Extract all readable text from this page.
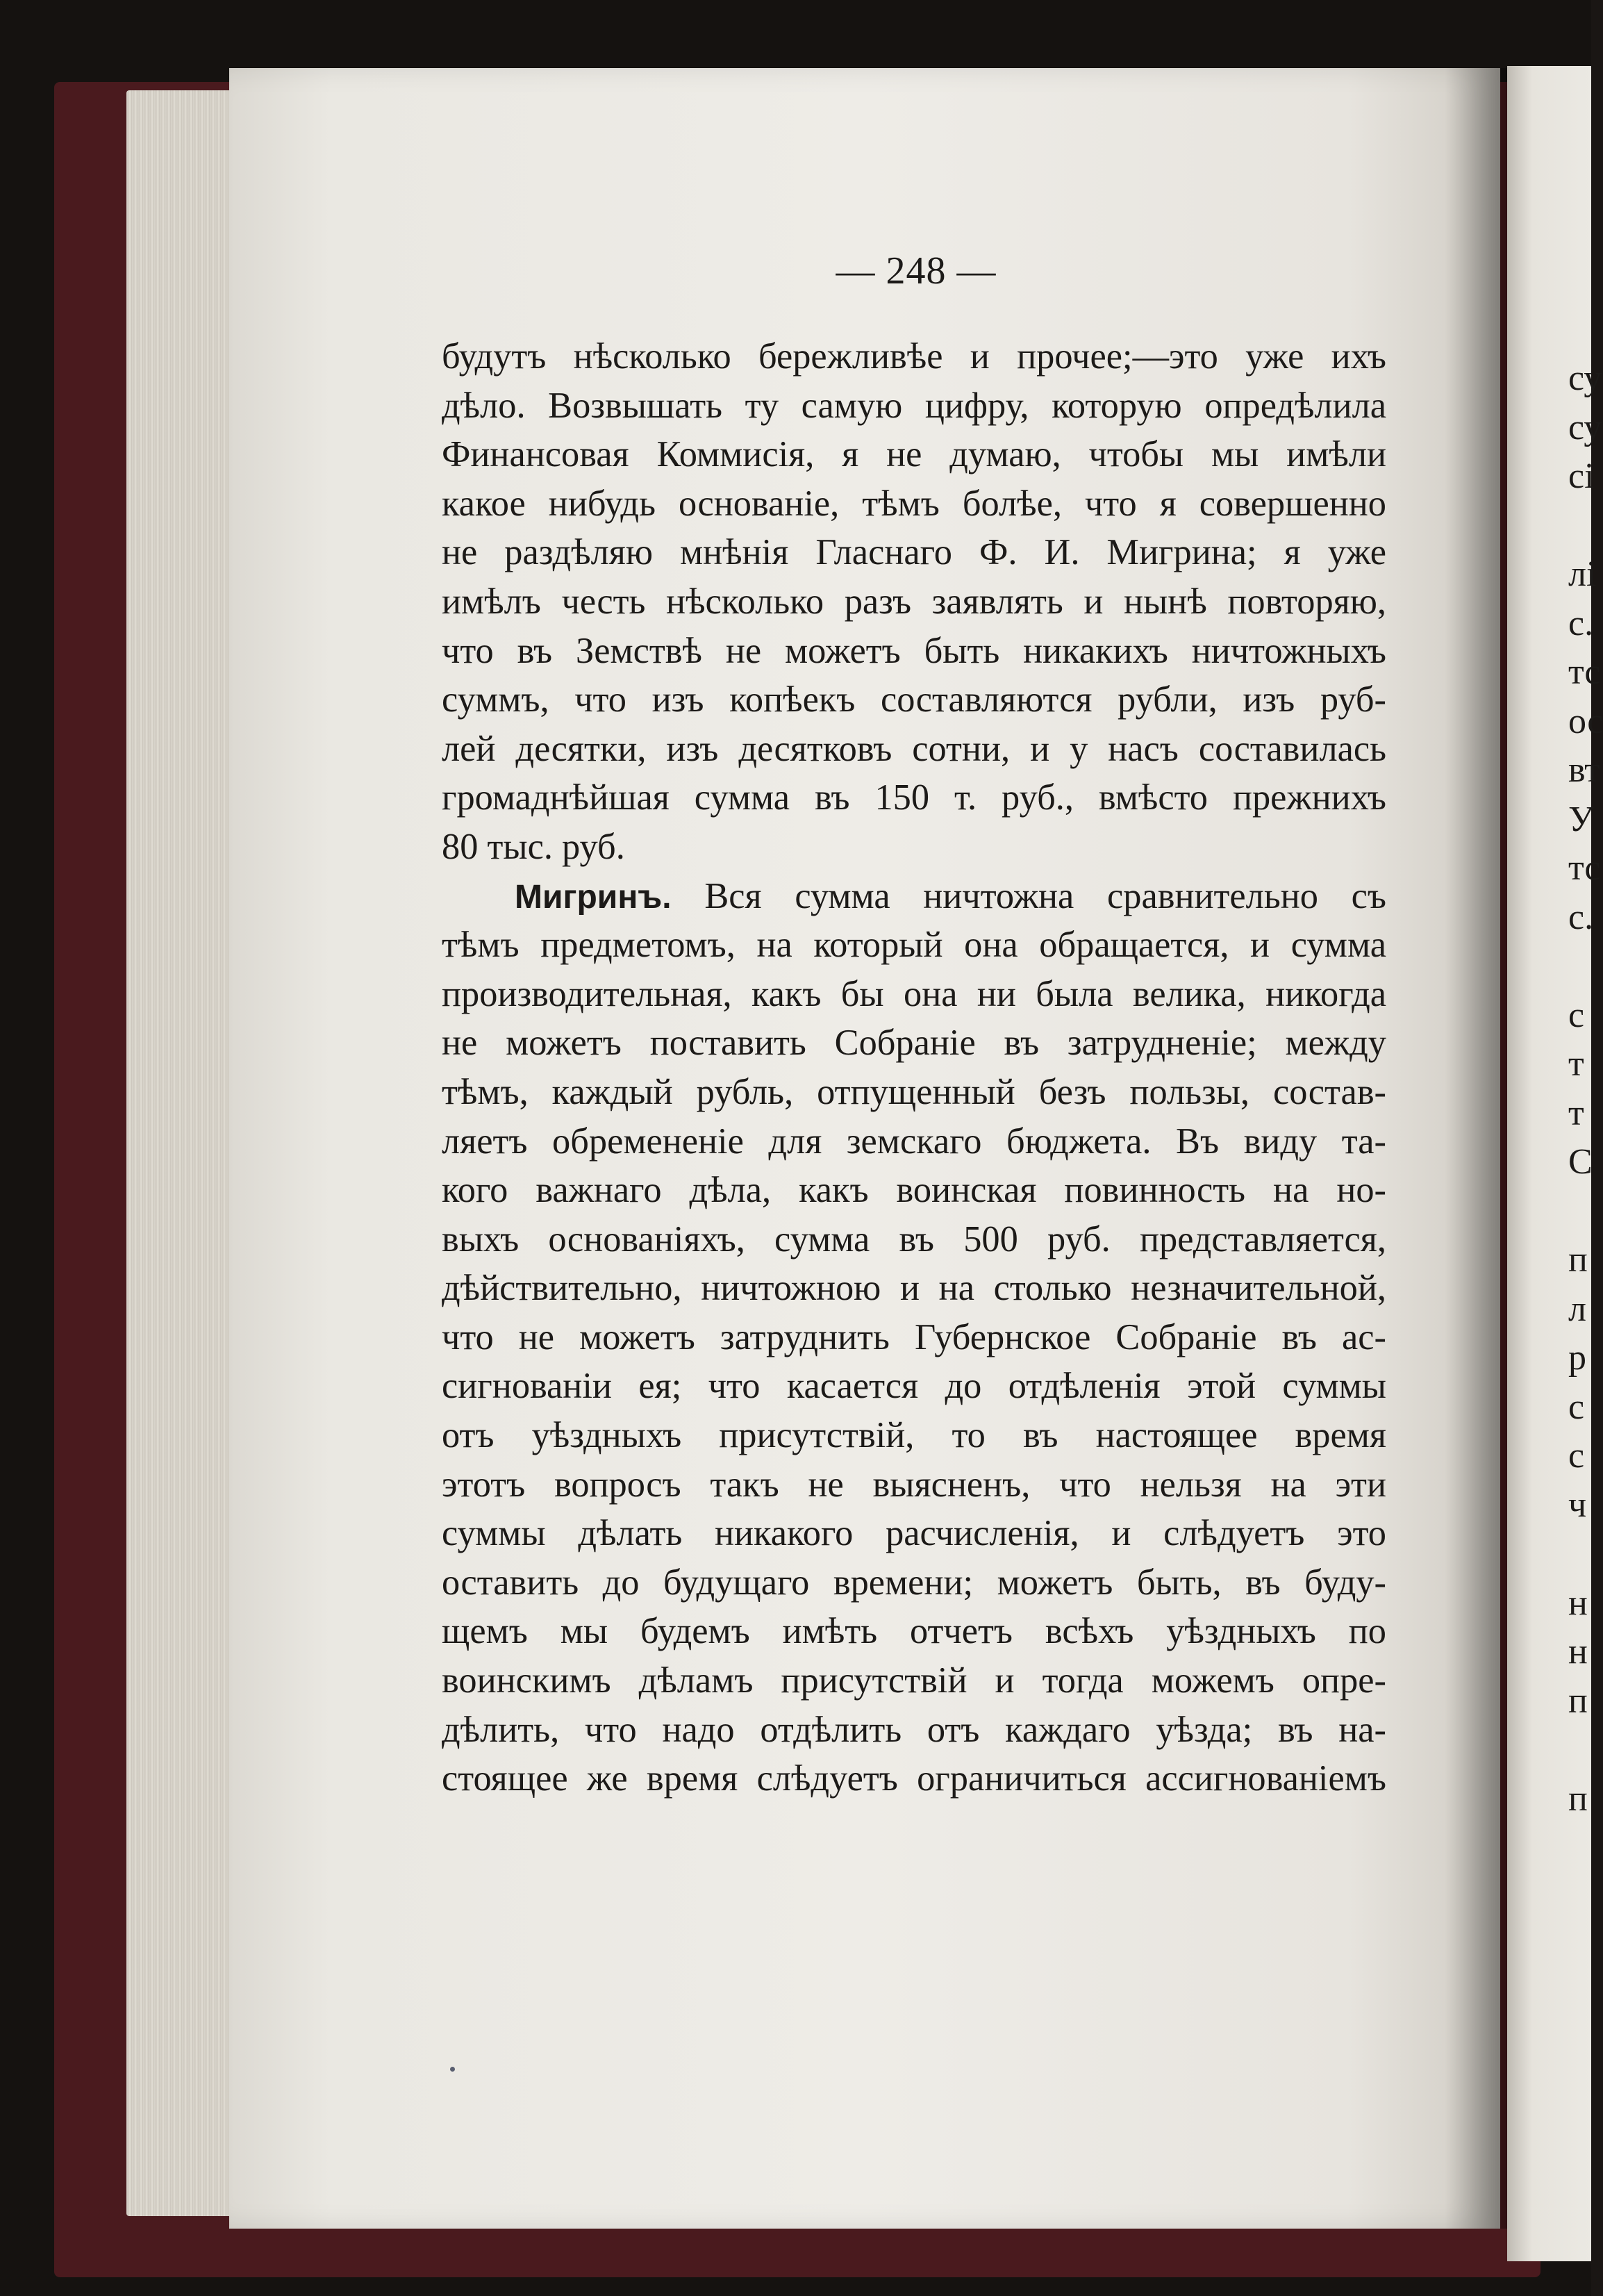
су
су
сі
лі
с.
тс
ос
вт
У
тс
с.
с
т
т
С
п
л
р
с
с
ч
н
н
п
п
— 248 —
будутъ нѣсколько бережливѣе и прочее;—это уже ихъ
дѣло. Возвышать ту самую цифру, которую опредѣлила
Финансовая Коммисія, я не думаю, чтобы мы имѣли
какое нибудь основаніе, тѣмъ болѣе, что я совершенно
не раздѣляю мнѣнія Гласнаго Ф. И. Мигрина; я уже
имѣлъ честь нѣсколько разъ заявлять и нынѣ повторяю,
что въ Земствѣ не можетъ быть никакихъ ничтожныхъ
суммъ, что изъ копѣекъ составляются рубли, изъ руб-
лей десятки, изъ десятковъ сотни, и у насъ составилась
громаднѣйшая сумма въ 150 т. руб., вмѣсто прежнихъ
80 тыс. руб.
Мигринъ. Вся сумма ничтожна сравнительно съ
тѣмъ предметомъ, на который она обращается, и сумма
производительная, какъ бы она ни была велика, никогда
не можетъ поставить Собраніе въ затрудненіе; между
тѣмъ, каждый рубль, отпущенный безъ пользы, состав-
ляетъ обремененіе для земскаго бюджета. Въ виду та-
кого важнаго дѣла, какъ воинская повинность на но-
выхъ основаніяхъ, сумма въ 500 руб. представляется,
дѣйствительно, ничтожною и на столько незначительной,
что не можетъ затруднить Губернское Собраніе въ ас-
сигнованіи ея; что касается до отдѣленія этой суммы
отъ уѣздныхъ присутствій, то въ настоящее время
этотъ вопросъ такъ не выясненъ, что нельзя на эти
суммы дѣлать никакого расчисленія, и слѣдуетъ это
оставить до будущаго времени; можетъ быть, въ буду-
щемъ мы будемъ имѣть отчетъ всѣхъ уѣздныхъ по
воинскимъ дѣламъ присутствій и тогда можемъ опре-
дѣлить, что надо отдѣлить отъ каждаго уѣзда; въ на-
стоящее же время слѣдуетъ ограничиться ассигнованіемъ
